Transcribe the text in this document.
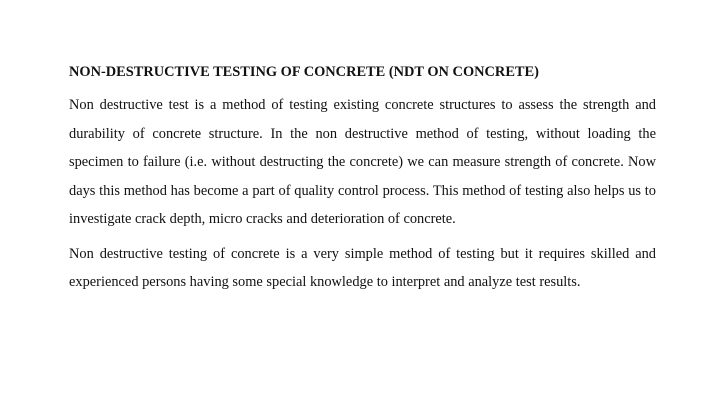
NON-DESTRUCTIVE TESTING OF CONCRETE (NDT ON CONCRETE)

Non destructive test is a method of testing existing concrete structures to assess the strength and durability of concrete structure. In the non destructive method of testing, without loading the specimen to failure (i.e. without destructing the concrete) we can measure strength of concrete. Now days this method has become a part of quality control process. This method of testing also helps us to investigate crack depth, micro cracks and deterioration of concrete.

Non destructive testing of concrete is a very simple method of testing but it requires skilled and experienced persons having some special knowledge to interpret and analyze test results.
